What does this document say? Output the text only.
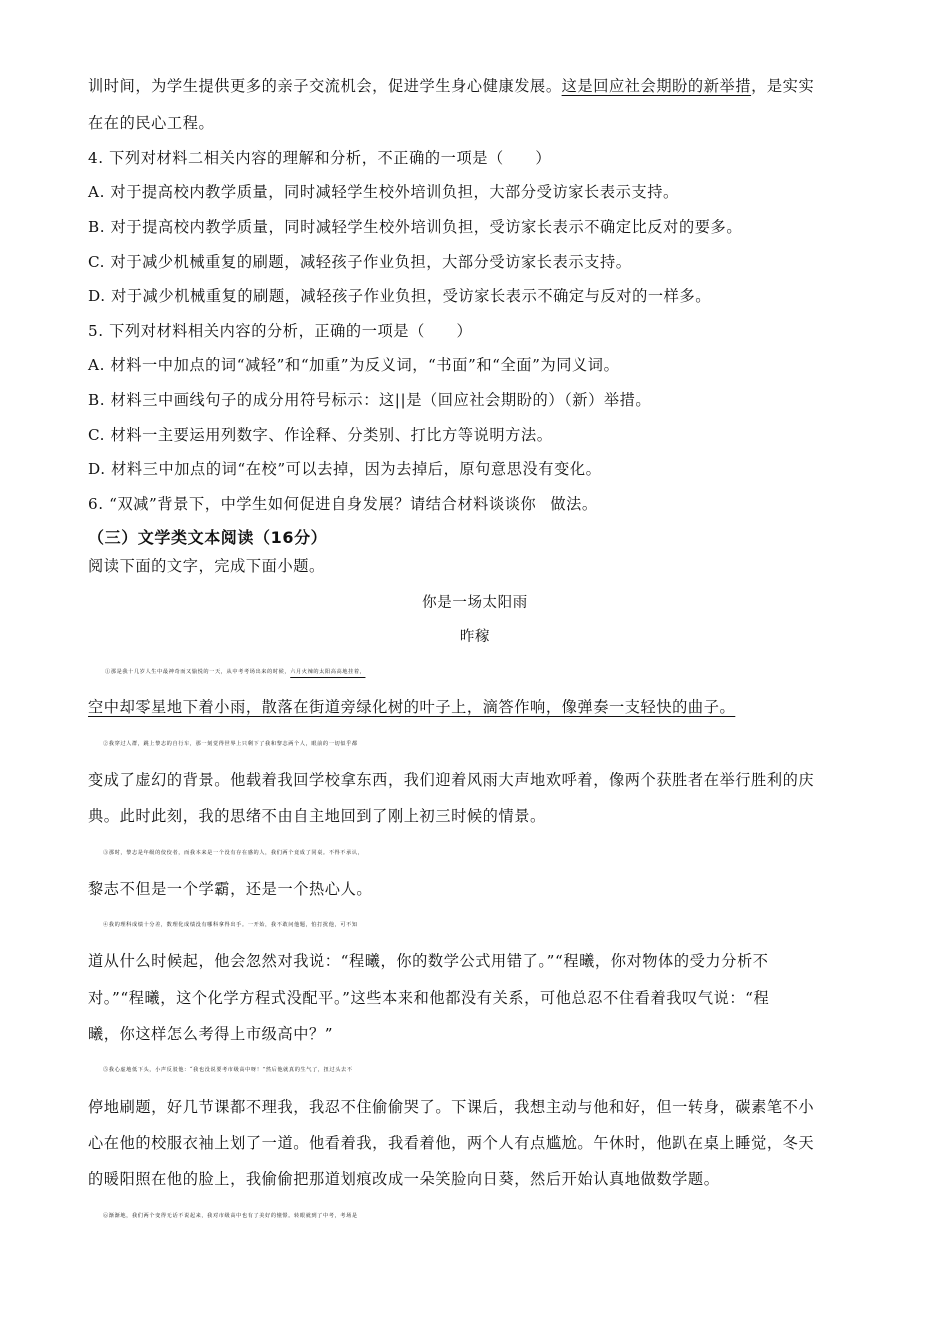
训时间，为学生提供更多的亲子交流机会，促进学生身心健康发展。这是回应社会期盼的新举措，是实实
在在的民心工程。
4. 下列对材料二相关内容的理解和分析，不正确的一项是（　　）
A. 对于提高校内教学质量，同时减轻学生校外培训负担，大部分受访家长表示支持。
B. 对于提高校内教学质量，同时减轻学生校外培训负担，受访家长表示不确定比反对的要多。
C. 对于减少机械重复的刷题，减轻孩子作业负担，大部分受访家长表示支持。
D. 对于减少机械重复的刷题，减轻孩子作业负担，受访家长表示不确定与反对的一样多。
5. 下列对材料相关内容的分析，正确的一项是（　　）
A. 材料一中加点的词“减轻”和“加重”为反义词，“书面”和“全面”为同义词。
B. 材料三中画线句子的成分用符号标示：这||是（回应社会期盼的）（新）举措。
C. 材料一主要运用列数字、作诠释、分类别、打比方等说明方法。
D. 材料三中加点的词“在校”可以去掉，因为去掉后，原句意思没有变化。
6. “双减”背景下，中学生如何促进自身发展？请结合材料谈谈你 做法。
（三）文学类文本阅读（16分）
阅读下面的文字，完成下面小题。
你是一场太阳雨
昨稼
①那是我十几岁人生中最神奇而又愉悦的一天，从中考考场出来的时候，六月火辣的太阳高高地挂着，
空中却零星地下着小雨，散落在街道旁绿化树的叶子上，滴答作响，像弹奏一支轻快的曲子。
②我穿过人群，跳上黎志的自行车，那一刻觉得世界上只剩下了我和黎志两个人，眼前的一切似乎都
变成了虚幻的背景。他载着我回学校拿东西，我们迎着风雨大声地欢呼着，像两个获胜者在举行胜利的庆
典。此时此刻，我的思绪不由自主地回到了刚上初三时候的情景。
③那时，黎志是年级的佼佼者，而我本来是一个没有存在感的人，我们两个竟成了同桌。不得不承认，
黎志不但是一个学霸，还是一个热心人。
④我的理科成绩十分差，数理化成绩没有哪科拿得出手。一开始，我不敢问他题，怕打扰他，可不知
道从什么时候起，他会忽然对我说：“程曦，你的数学公式用错了。”“程曦，你对物体的受力分析不
对。”“程曦，这个化学方程式没配平。”这些本来和他都没有关系，可他总忍不住看着我叹气说：“程
曦，你这样怎么考得上市级高中？”
⑤我心虚地低下头，小声反驳他：“我也没说要考市级高中呀！”然后他就真的生气了，扭过头去不
停地刷题，好几节课都不理我，我忍不住偷偷哭了。下课后，我想主动与他和好，但一转身，碳素笔不小
心在他的校服衣袖上划了一道。他看着我，我看着他，两个人有点尴尬。午休时，他趴在桌上睡觉，冬天
的暖阳照在他的脸上，我偷偷把那道划痕改成一朵笑脸向日葵，然后开始认真地做数学题。
⑥渐渐地，我们两个变得无话不说起来，我对市级高中也有了美好的憧憬。转眼就到了中考，考场是
